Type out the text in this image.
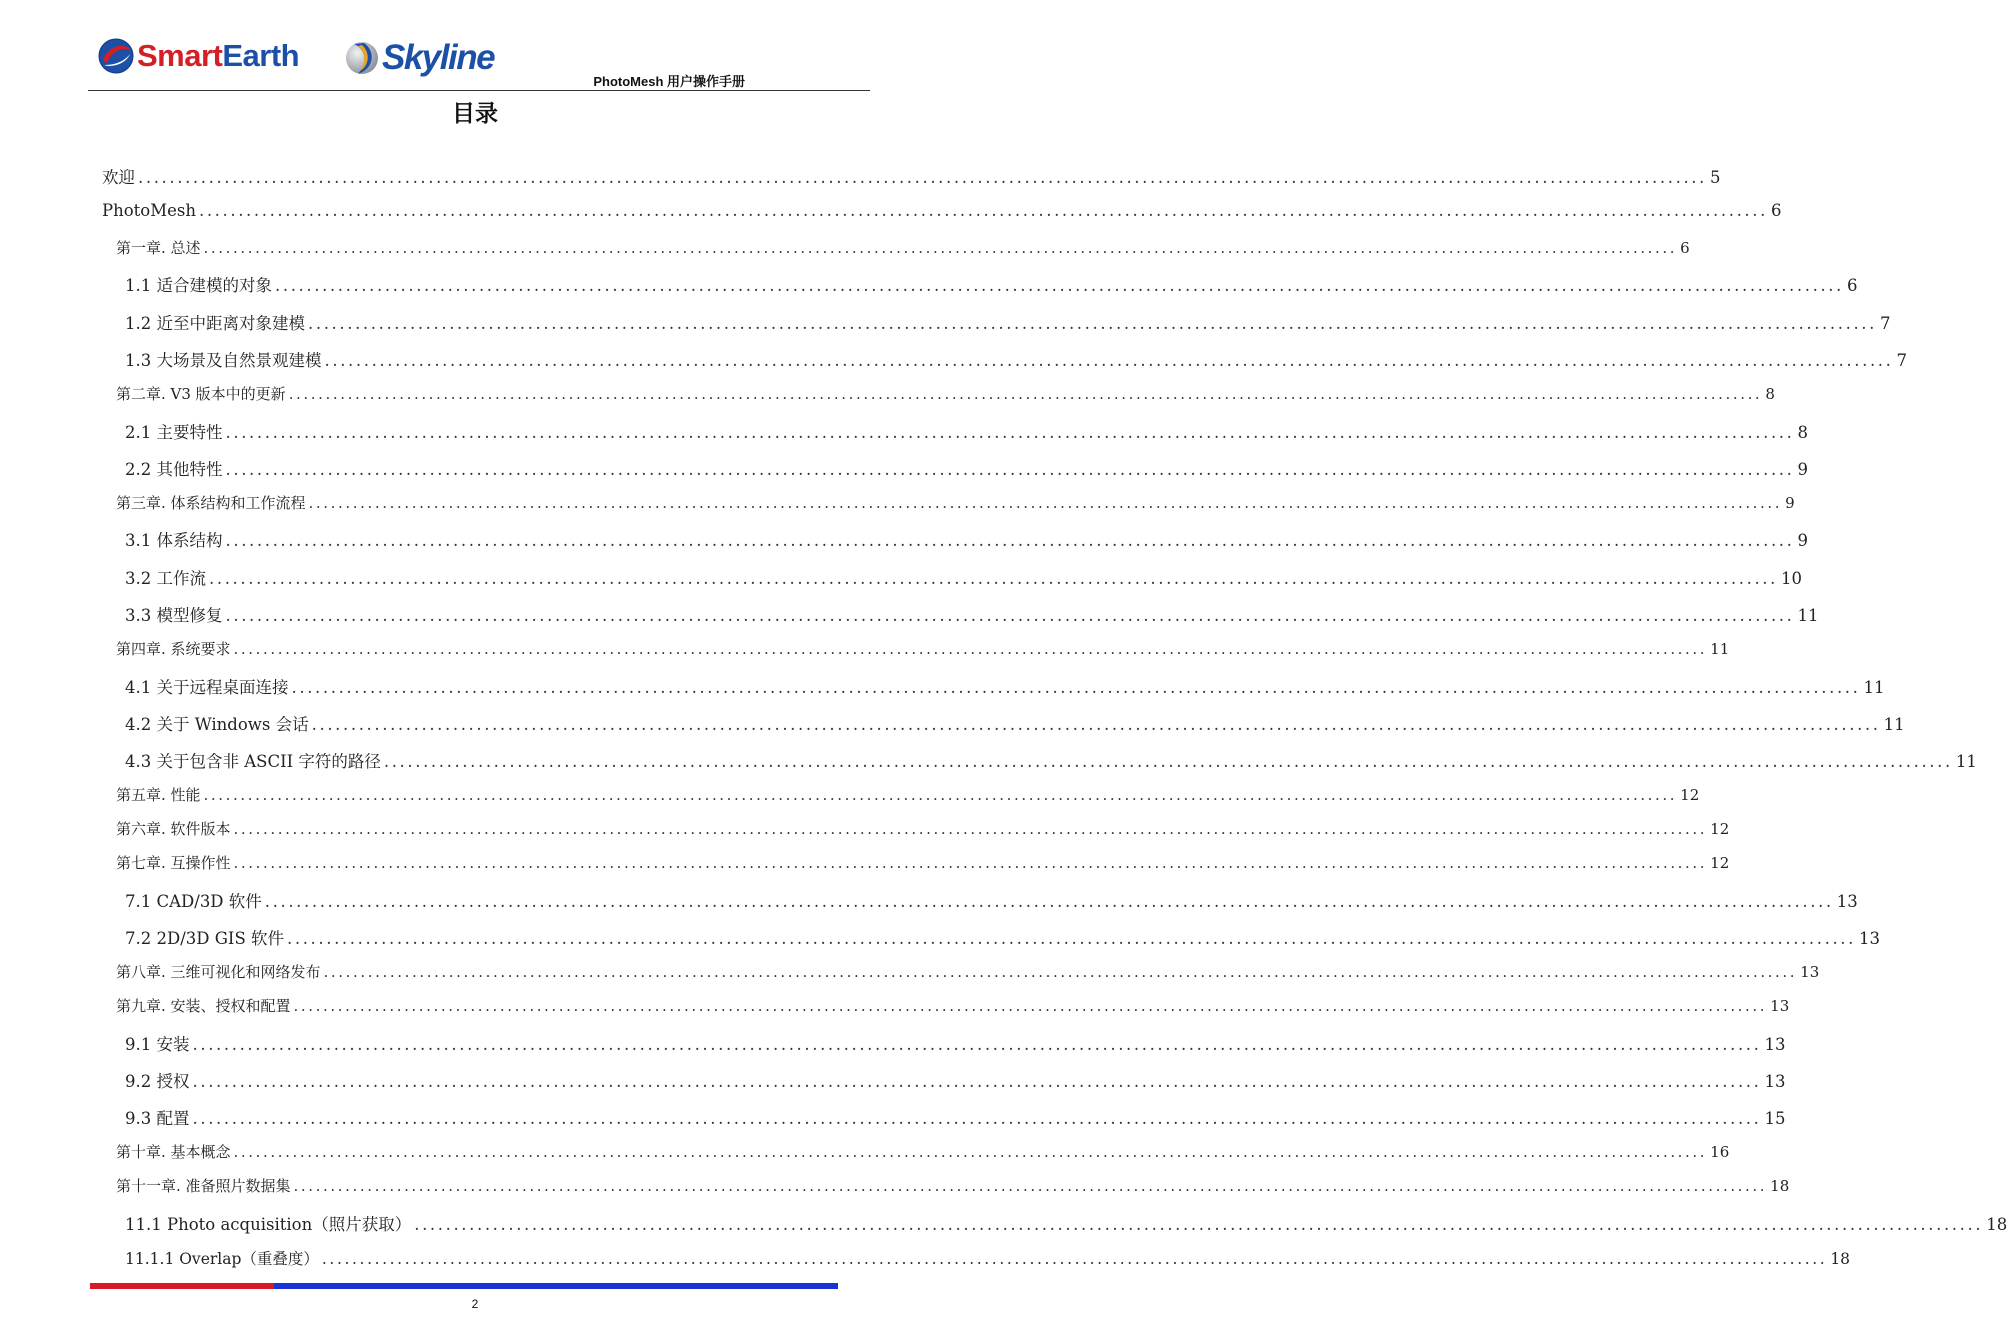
SmartEarth Skyline
PhotoMesh 用户操作手册
目录
欢迎 ........................................................................................................................................................................................................ 5
PhotoMesh ........................................................................................................................................................................................................ 6
第一章. 总述 ........................................................................................................................................................................................................ 6
1.1 适合建模的对象 ........................................................................................................................................................................................................ 6
1.2 近至中距离对象建模 ........................................................................................................................................................................................................ 7
1.3 大场景及自然景观建模 ........................................................................................................................................................................................................ 7
第二章. V3 版本中的更新 ........................................................................................................................................................................................................ 8
2.1 主要特性 ........................................................................................................................................................................................................ 8
2.2 其他特性 ........................................................................................................................................................................................................ 9
第三章. 体系结构和工作流程 ........................................................................................................................................................................................................ 9
3.1 体系结构 ........................................................................................................................................................................................................ 9
3.2 工作流 ........................................................................................................................................................................................................ 10
3.3 模型修复 ........................................................................................................................................................................................................ 11
第四章. 系统要求 ........................................................................................................................................................................................................ 11
4.1 关于远程桌面连接 ........................................................................................................................................................................................................ 11
4.2 关于 Windows 会话 ........................................................................................................................................................................................................ 11
4.3 关于包含非 ASCII 字符的路径 ........................................................................................................................................................................................................ 11
第五章. 性能 ........................................................................................................................................................................................................ 12
第六章. 软件版本 ........................................................................................................................................................................................................ 12
第七章. 互操作性 ........................................................................................................................................................................................................ 12
7.1 CAD/3D 软件 ........................................................................................................................................................................................................ 13
7.2 2D/3D GIS 软件 ........................................................................................................................................................................................................ 13
第八章. 三维可视化和网络发布 ........................................................................................................................................................................................................ 13
第九章. 安装、授权和配置 ........................................................................................................................................................................................................ 13
9.1 安装 ........................................................................................................................................................................................................ 13
9.2 授权 ........................................................................................................................................................................................................ 13
9.3 配置 ........................................................................................................................................................................................................ 15
第十章. 基本概念 ........................................................................................................................................................................................................ 16
第十一章. 准备照片数据集 ........................................................................................................................................................................................................ 18
11.1 Photo acquisition（照片获取） ........................................................................................................................................................................................................ 18
11.1.1 Overlap（重叠度） ........................................................................................................................................................................................................ 18
2
